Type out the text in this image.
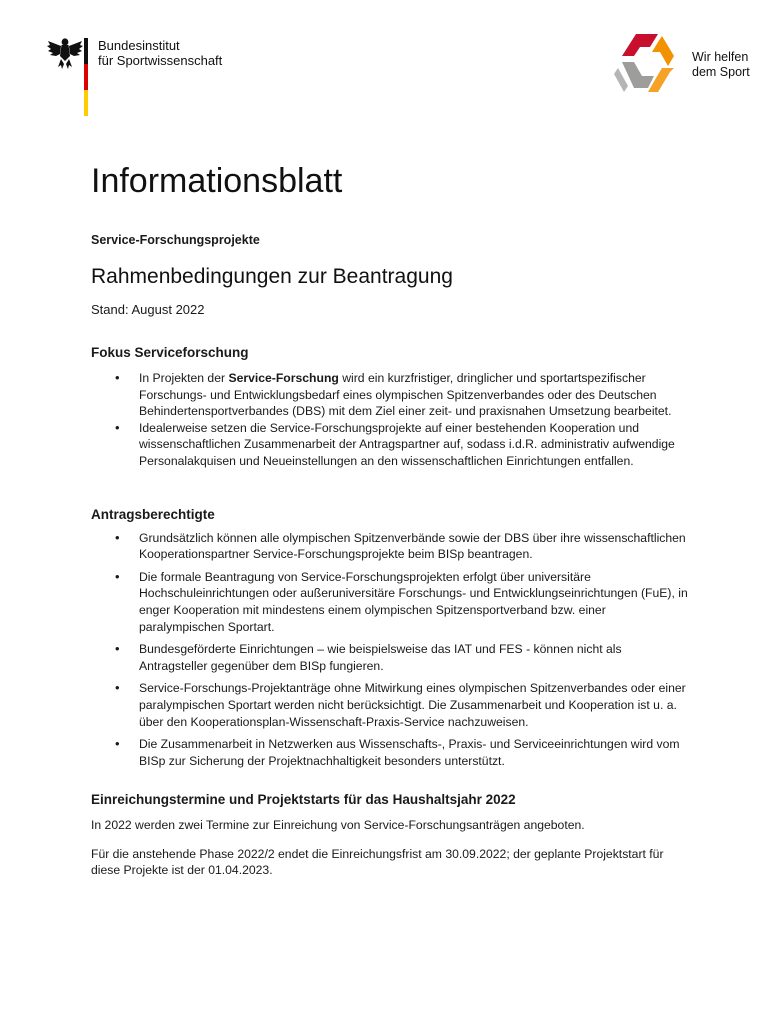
Bundesinstitut
für Sportwissenschaft	Wir helfen
dem Sport
Informationsblatt
Service-Forschungsprojekte
Rahmenbedingungen zur Beantragung
Stand: August 2022
Fokus Serviceforschung
• In Projekten der Service-Forschung wird ein kurzfristiger, dringlicher und sportartspezifischer Forschungs- und Entwicklungsbedarf eines olympischen Spitzenverbandes oder des Deutschen Behindertensportverbandes (DBS) mit dem Ziel einer zeit- und praxisnahen Umsetzung bearbeitet.
• Idealerweise setzen die Service-Forschungsprojekte auf einer bestehenden Kooperation und wissenschaftlichen Zusammenarbeit der Antragspartner auf, sodass i.d.R. administrativ aufwendige Personalakquisen und Neueinstellungen an den wissenschaftlichen Einrichtungen entfallen.
Antragsberechtigte
• Grundsätzlich können alle olympischen Spitzenverbände sowie der DBS über ihre wissenschaftlichen Kooperationspartner Service-Forschungsprojekte beim BISp beantragen.
• Die formale Beantragung von Service-Forschungsprojekten erfolgt über universitäre Hochschuleinrichtungen oder außeruniversitäre Forschungs- und Entwicklungseinrichtungen (FuE), in enger Kooperation mit mindestens einem olympischen Spitzensportverband bzw. einer paralympischen Sportart.
• Bundesgeförderte Einrichtungen – wie beispielsweise das IAT und FES - können nicht als Antragsteller gegenüber dem BISp fungieren.
• Service-Forschungs-Projektanträge ohne Mitwirkung eines olympischen Spitzenverbandes oder einer paralympischen Sportart werden nicht berücksichtigt. Die Zusammenarbeit und Kooperation ist u. a. über den Kooperationsplan-Wissenschaft-Praxis-Service nachzuweisen.
• Die Zusammenarbeit in Netzwerken aus Wissenschafts-, Praxis- und Serviceeinrichtungen wird vom BISp zur Sicherung der Projektnachhaltigkeit besonders unterstützt.
Einreichungstermine und Projektstarts für das Haushaltsjahr 2022

In 2022 werden zwei Termine zur Einreichung von Service-Forschungsanträgen angeboten.

Für die anstehende Phase 2022/2 endet die Einreichungsfrist am 30.09.2022; der geplante Projektstart für diese Projekte ist der 01.04.2023.
